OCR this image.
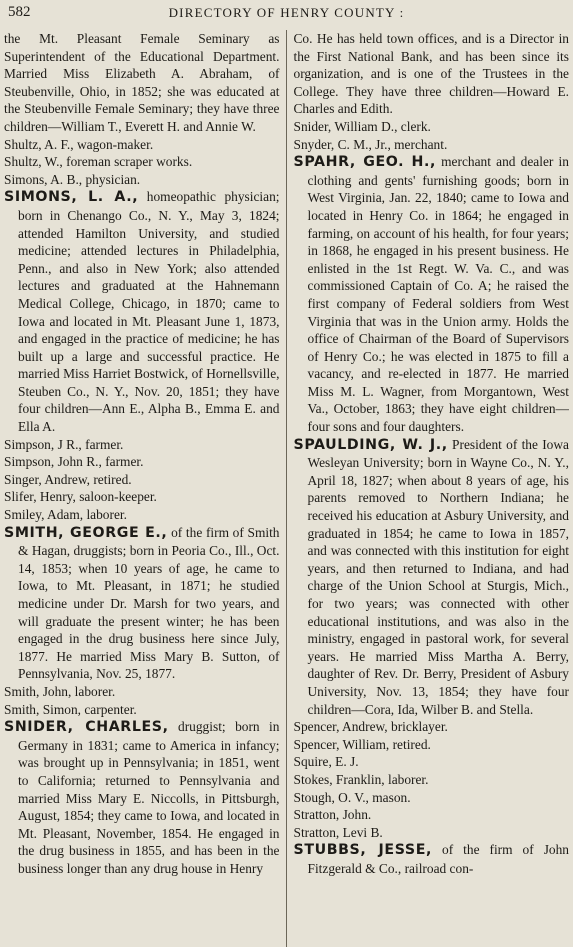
582	DIRECTORY OF HENRY COUNTY :

the Mt. Pleasant Female Seminary as Superintendent of the Educational Department. Married Miss Elizabeth A. Abraham, of Steubenville, Ohio, in 1852; she was educated at the Steubenville Female Seminary; they have three children—William T., Everett H. and Annie W.

Shultz, A. F., wagon-maker.

Shultz, W., foreman scraper works.

Simons, A. B., physician.

SIMONS, L. A., homeopathic physician; born in Chenango Co., N. Y., May 3, 1824; attended Hamilton University, and studied medicine; attended lectures in Philadelphia, Penn., and also in New York; also attended lectures and graduated at the Hahnemann Medical College, Chicago, in 1870; came to Iowa and located in Mt. Pleasant June 1, 1873, and engaged in the practice of medicine; he has built up a large and successful practice. He married Miss Harriet Bostwick, of Hornellsville, Steuben Co., N. Y., Nov. 20, 1851; they have four children—Ann E., Alpha B., Emma E. and Ella A.

Simpson, J R., farmer.

Simpson, John R., farmer.

Singer, Andrew, retired.

Slifer, Henry, saloon-keeper.

Smiley, Adam, laborer.

SMITH, GEORGE E., of the firm of Smith & Hagan, druggists; born in Peoria Co., Ill., Oct. 14, 1853; when 10 years of age, he came to Iowa, to Mt. Pleasant, in 1871; he studied medicine under Dr. Marsh for two years, and will graduate the present winter; he has been engaged in the drug business here since July, 1877. He married Miss Mary B. Sutton, of Pennsylvania, Nov. 25, 1877.

Smith, John, laborer.

Smith, Simon, carpenter.

SNIDER, CHARLES, druggist; born in Germany in 1831; came to America in infancy; was brought up in Pennsylvania; in 1851, went to California; returned to Pennsylvania and married Miss Mary E. Niccolls, in Pittsburgh, August, 1854; they came to Iowa, and located in Mt. Pleasant, November, 1854. He engaged in the drug business in 1855, and has been in the business longer than any drug house in Henry

Co. He has held town offices, and is a Director in the First National Bank, and has been since its organization, and is one of the Trustees in the College. They have three children—Howard E. Charles and Edith.

Snider, William D., clerk.

Snyder, C. M., Jr., merchant.

SPAHR, GEO. H., merchant and dealer in clothing and gents' furnishing goods; born in West Virginia, Jan. 22, 1840; came to Iowa and located in Henry Co. in 1864; he engaged in farming, on account of his health, for four years; in 1868, he engaged in his present business. He enlisted in the 1st Regt. W. Va. C., and was commissioned Captain of Co. A; he raised the first company of Federal soldiers from West Virginia that was in the Union army. Holds the office of Chairman of the Board of Supervisors of Henry Co.; he was elected in 1875 to fill a vacancy, and re-elected in 1877. He married Miss M. L. Wagner, from Morgantown, West Va., October, 1863; they have eight children—four sons and four daughters.

SPAULDING, W. J., President of the Iowa Wesleyan University; born in Wayne Co., N. Y., April 18, 1827; when about 8 years of age, his parents removed to Northern Indiana; he received his education at Asbury University, and graduated in 1854; he came to Iowa in 1857, and was connected with this institution for eight years, and then returned to Indiana, and had charge of the Union School at Sturgis, Mich., for two years; was connected with other educational institutions, and was also in the ministry, engaged in pastoral work, for several years. He married Miss Martha A. Berry, daughter of Rev. Dr. Berry, President of Asbury University, Nov. 13, 1854; they have four children—Cora, Ida, Wilber B. and Stella.

Spencer, Andrew, bricklayer.

Spencer, William, retired.

Squire, E. J.

Stokes, Franklin, laborer.

Stough, O. V., mason.

Stratton, John.

Stratton, Levi B.

STUBBS, JESSE, of the firm of John Fitzgerald & Co., railroad con-
